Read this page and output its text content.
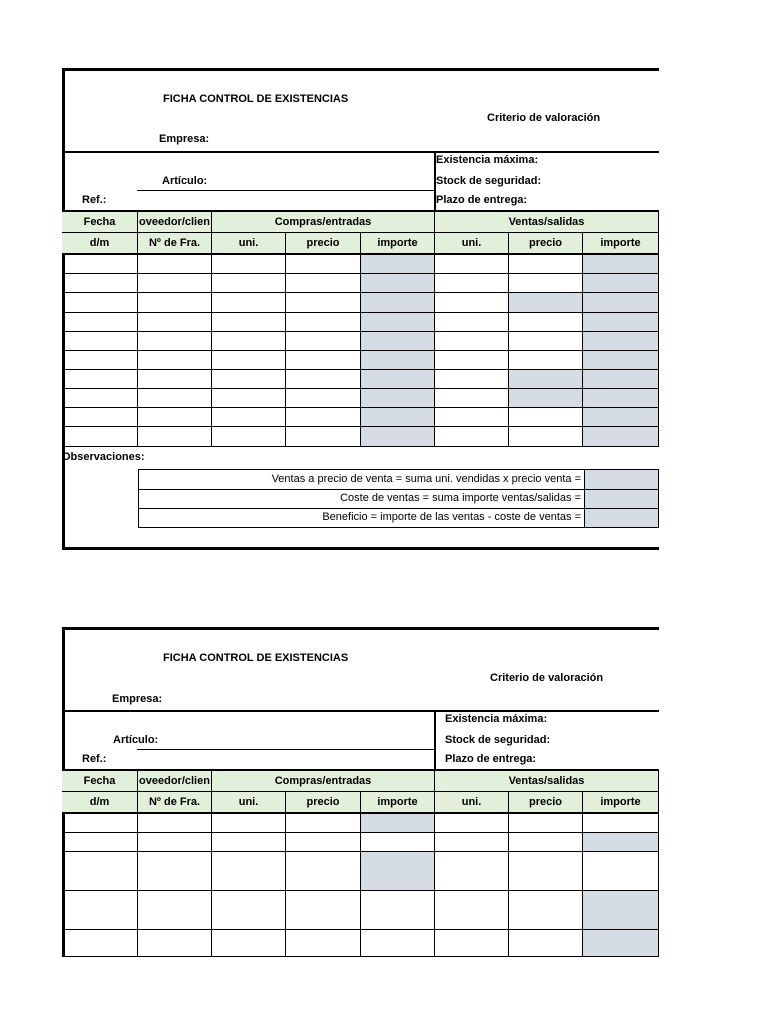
FICHA CONTROL DE EXISTENCIAS
Criterio de valoración
Empresa:
Artículo:
Ref.:
Existencia máxima:
Stock de seguridad:
Plazo de entrega:
Fecha	oveedor/clien	Compras/entradas	Ventas/salidas
d/m	Nº de Fra.	uni.	precio	importe	uni.	precio	importe
Observaciones:
Ventas a precio de venta = suma uni. vendidas x precio venta =
Coste de ventas = suma importe ventas/salidas =
Beneficio = importe de las ventas - coste de ventas =
FICHA CONTROL DE EXISTENCIAS
Criterio de valoración
Empresa:
Artículo:
Ref.:
Existencia máxima:
Stock de seguridad:
Plazo de entrega:
Fecha	oveedor/clien	Compras/entradas	Ventas/salidas
d/m	Nº de Fra.	uni.	precio	importe	uni.	precio	importe
